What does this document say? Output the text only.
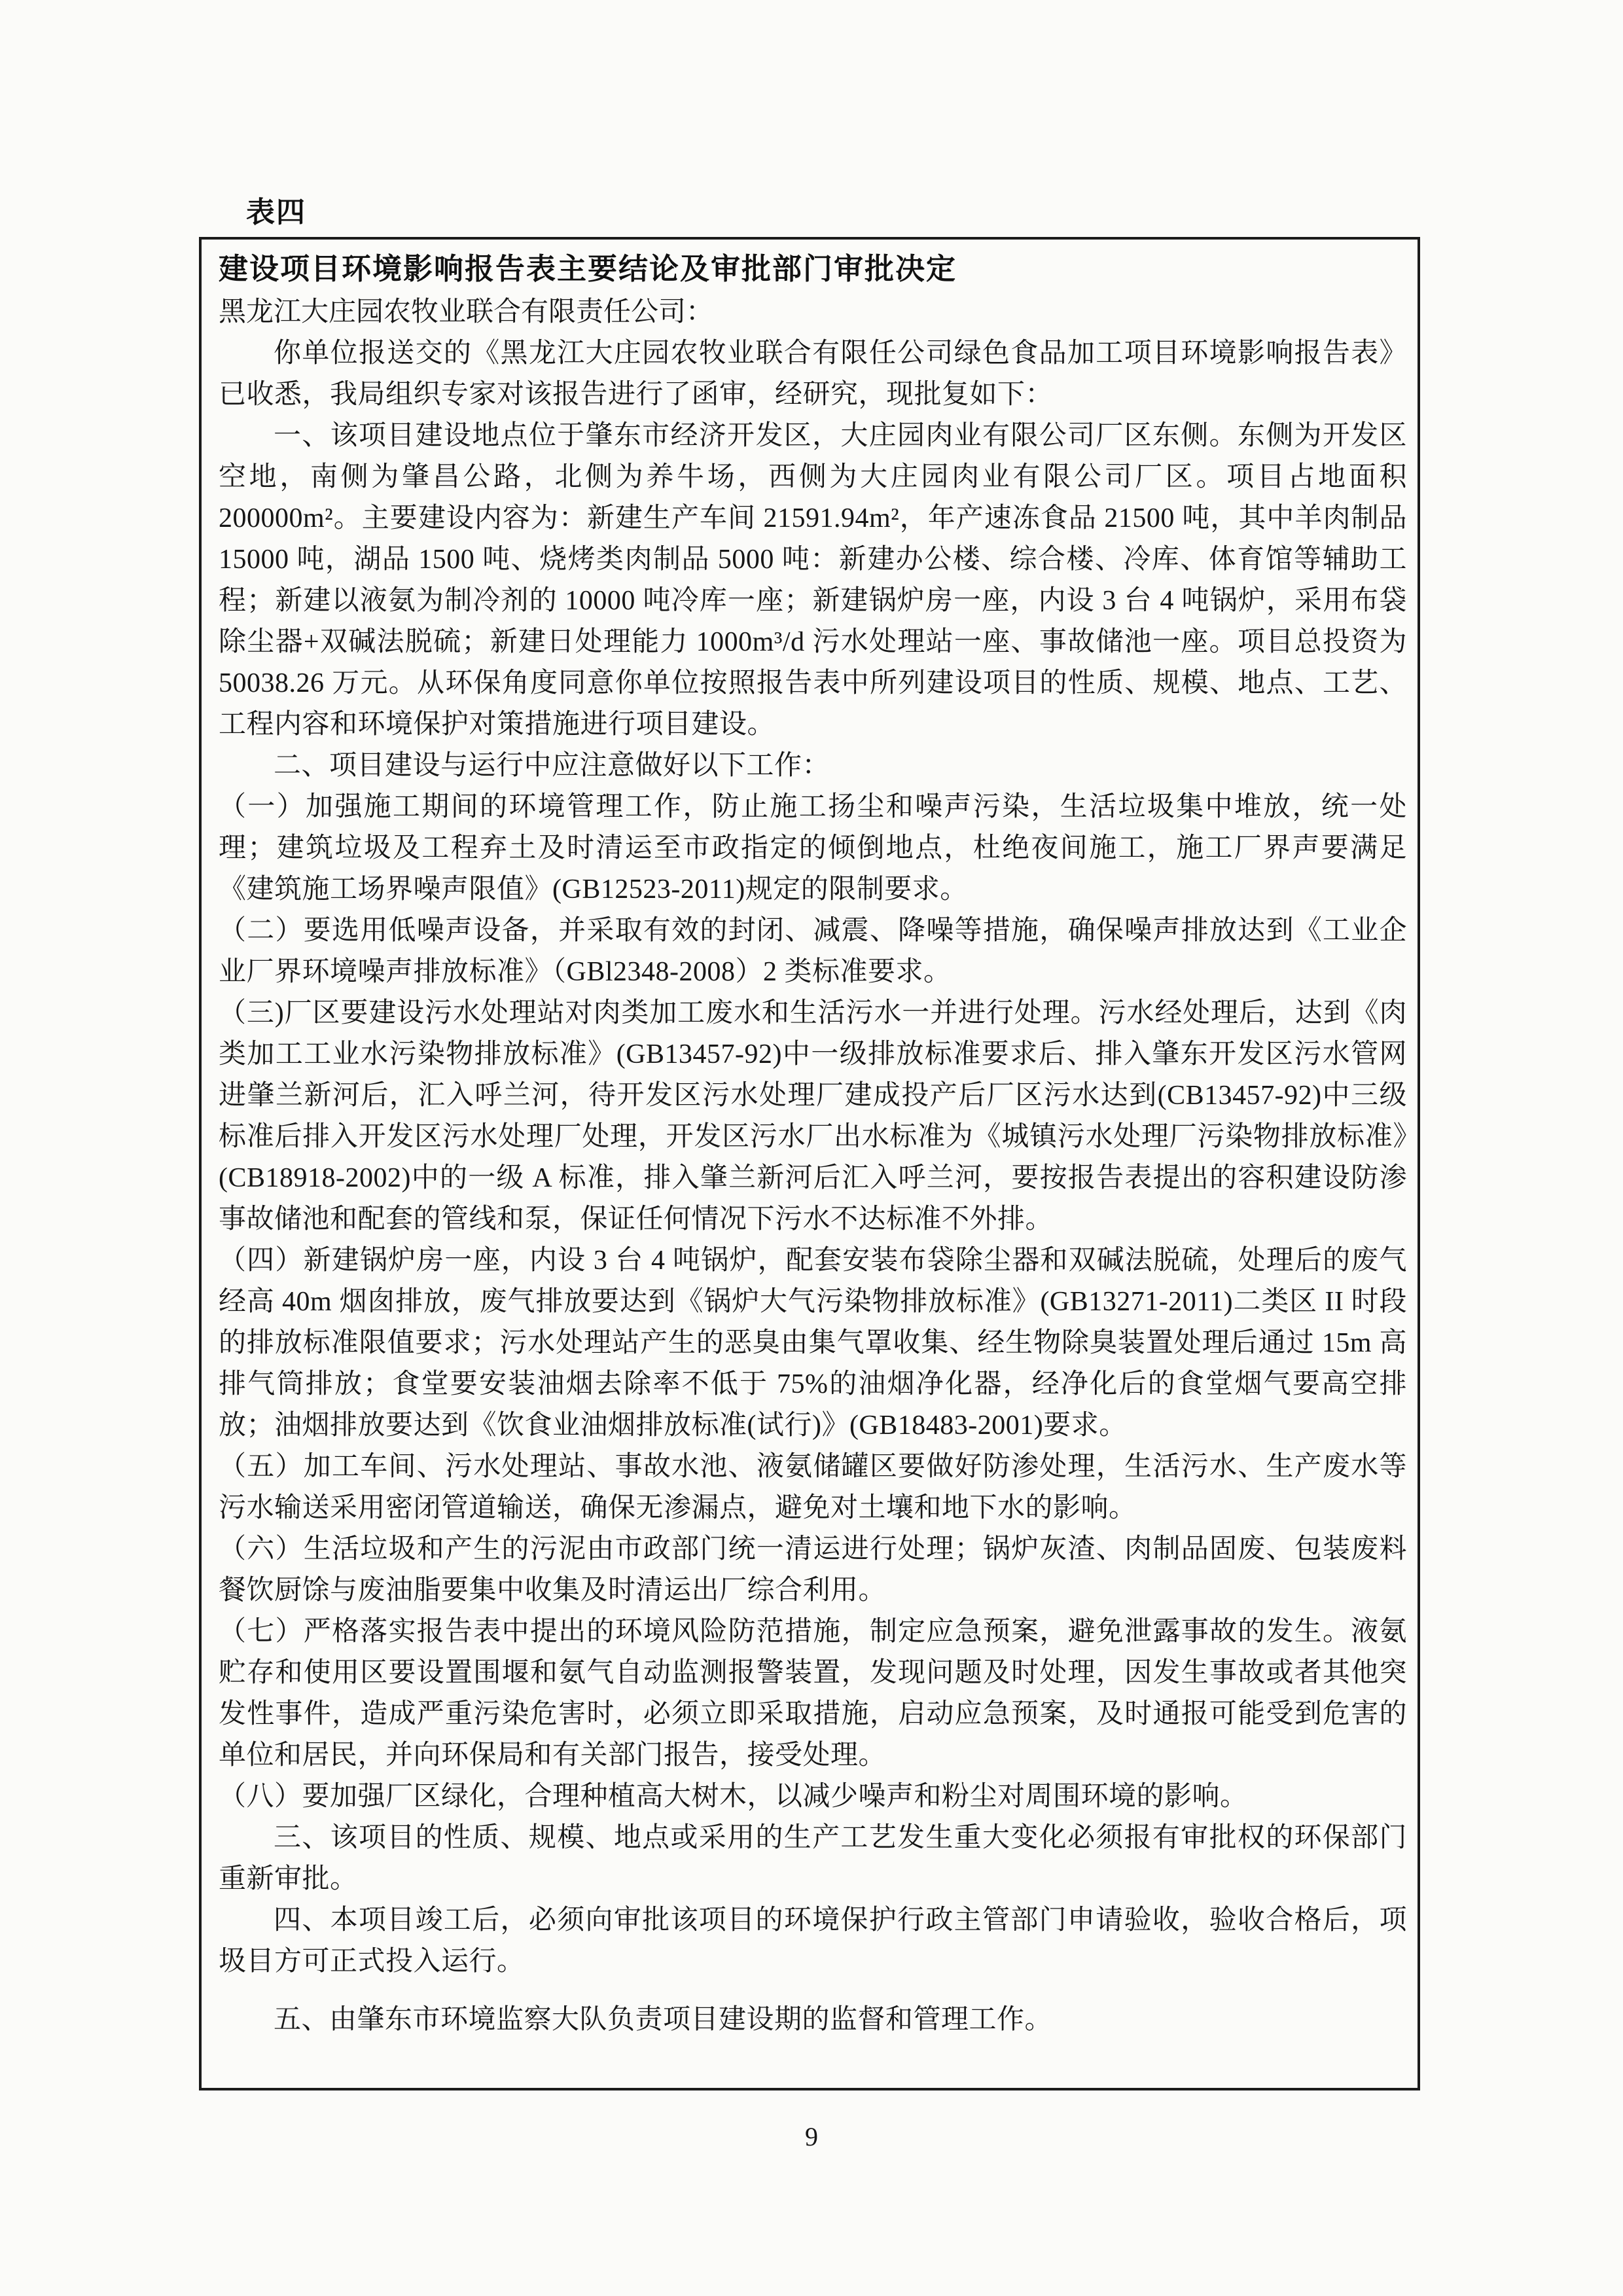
表四
建设项目环境影响报告表主要结论及审批部门审批决定

黑龙江大庄园农牧业联合有限责任公司：

你单位报送交的《黑龙江大庄园农牧业联合有限任公司绿色食品加工项目环境影响报告表》已收悉，我局组织专家对该报告进行了函审，经研究，现批复如下：

一、该项目建设地点位于肇东市经济开发区，大庄园肉业有限公司厂区东侧。东侧为开发区空地，南侧为肇昌公路，北侧为养牛场，西侧为大庄园肉业有限公司厂区。项目占地面积200000m²。主要建设内容为：新建生产车间 21591.94m²，年产速冻食品 21500 吨，其中羊肉制品 15000 吨，湖品 1500 吨、烧烤类肉制品 5000 吨：新建办公楼、综合楼、冷库、体育馆等辅助工程；新建以液氨为制冷剂的 10000 吨冷库一座；新建锅炉房一座，内设 3 台 4 吨锅炉，采用布袋除尘器+双碱法脱硫；新建日处理能力 1000m³/d 污水处理站一座、事故储池一座。项目总投资为 50038.26 万元。从环保角度同意你单位按照报告表中所列建设项目的性质、规模、地点、工艺、工程内容和环境保护对策措施进行项目建设。

二、项目建设与运行中应注意做好以下工作：

（一）加强施工期间的环境管理工作，防止施工扬尘和噪声污染，生活垃圾集中堆放，统一处理；建筑垃圾及工程弃土及时清运至市政指定的倾倒地点，杜绝夜间施工，施工厂界声要满足《建筑施工场界噪声限值》(GB12523-2011)规定的限制要求。

（二）要选用低噪声设备，并采取有效的封闭、减震、降噪等措施，确保噪声排放达到《工业企业厂界环境噪声排放标准》（GBl2348-2008）2 类标准要求。

（三)厂区要建设污水处理站对肉类加工废水和生活污水一并进行处理。污水经处理后，达到《肉类加工工业水污染物排放标准》(GB13457-92)中一级排放标准要求后、排入肇东开发区污水管网进肇兰新河后，汇入呼兰河，待开发区污水处理厂建成投产后厂区污水达到(CB13457-92)中三级标准后排入开发区污水处理厂处理，开发区污水厂出水标准为《城镇污水处理厂污染物排放标准》(CB18918-2002)中的一级 A 标准，排入肇兰新河后汇入呼兰河，要按报告表提出的容积建设防渗事故储池和配套的管线和泵，保证任何情况下污水不达标准不外排。

（四）新建锅炉房一座，内设 3 台 4 吨锅炉，配套安装布袋除尘器和双碱法脱硫，处理后的废气经高 40m 烟囱排放，废气排放要达到《锅炉大气污染物排放标准》(GB13271-2011)二类区 II 时段的排放标准限值要求；污水处理站产生的恶臭由集气罩收集、经生物除臭装置处理后通过 15m 高排气筒排放；食堂要安装油烟去除率不低于 75%的油烟净化器，经净化后的食堂烟气要高空排放；油烟排放要达到《饮食业油烟排放标准(试行)》(GB18483-2001)要求。

（五）加工车间、污水处理站、事故水池、液氨储罐区要做好防渗处理，生活污水、生产废水等污水输送采用密闭管道输送，确保无渗漏点，避免对土壤和地下水的影响。

（六）生活垃圾和产生的污泥由市政部门统一清运进行处理；锅炉灰渣、肉制品固废、包装废料餐饮厨馀与废油脂要集中收集及时清运出厂综合利用。

（七）严格落实报告表中提出的环境风险防范措施，制定应急预案，避免泄露事故的发生。液氨贮存和使用区要设置围堰和氨气自动监测报警装置，发现问题及时处理，因发生事故或者其他突发性事件，造成严重污染危害时，必须立即采取措施，启动应急预案，及时通报可能受到危害的单位和居民，并向环保局和有关部门报告，接受处理。

（八）要加强厂区绿化，合理种植高大树木，以减少噪声和粉尘对周围环境的影响。

三、该项目的性质、规模、地点或采用的生产工艺发生重大变化必须报有审批权的环保部门重新审批。

四、本项目竣工后，必须向审批该项目的环境保护行政主管部门申请验收，验收合格后，项圾目方可正式投入运行。

五、由肇东市环境监察大队负责项目建设期的监督和管理工作。

9
